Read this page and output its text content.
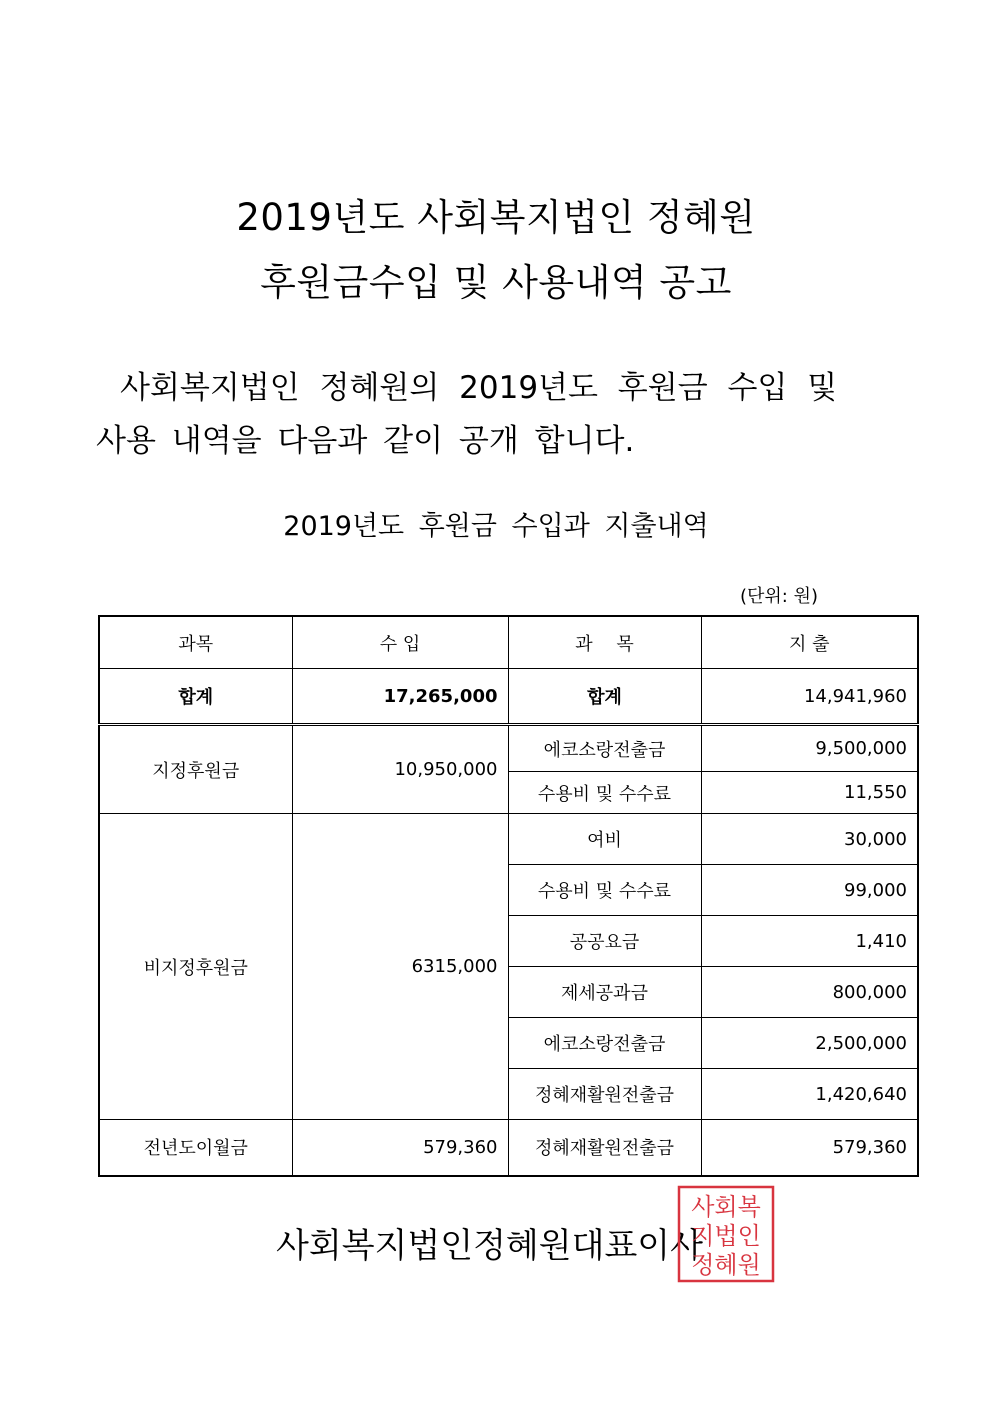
2019년도 사회복지법인 정혜원
후원금수입 및 사용내역 공고
사회복지법인 정혜원의 2019년도 후원금 수입 및
사용 내역을 다음과 같이 공개 합니다.
2019년도 후원금 수입과 지출내역
(단위: 원)
과목	수 입	과　 목	지 출
합계	17,265,000	합계	14,941,960
지정후원금	10,950,000	에코소랑전출금	9,500,000
		수용비 및 수수료	11,550
비지정후원금	6315,000	여비	30,000
		수용비 및 수수료	99,000
		공공요금	1,410
		제세공과금	800,000
		에코소랑전출금	2,500,000
		정혜재활원전출금	1,420,640
전년도이월금	579,360	정혜재활원전출금	579,360
사회복지법인정혜원대표이사
사회복
지법인
정혜원
